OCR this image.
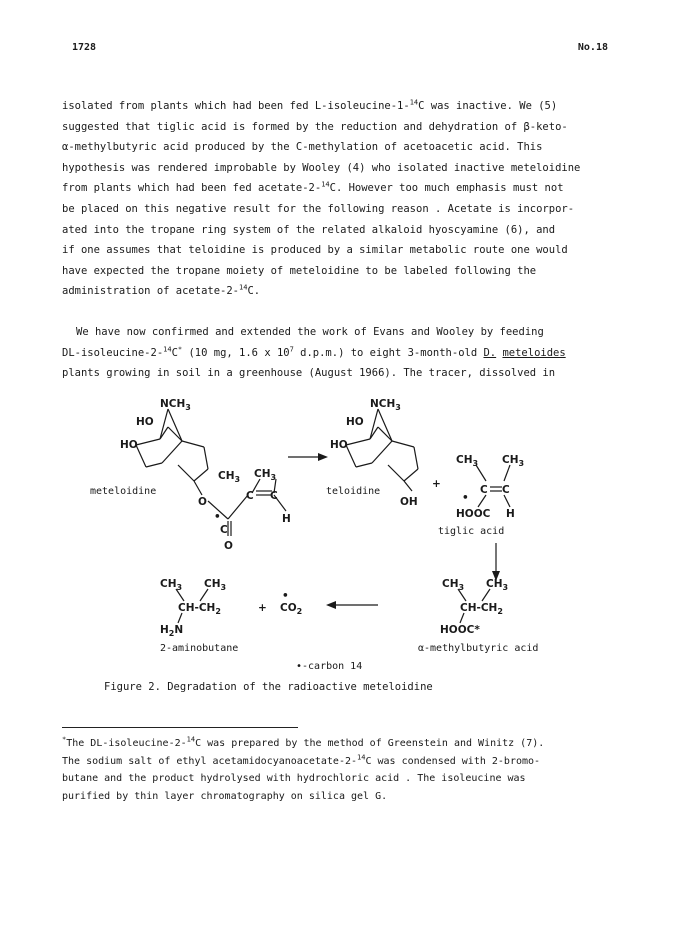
1728	No.18
isolated from plants which had been fed L-isoleucine-1-$^{14}$C was inactive. We (5)
suggested that tiglic acid is formed by the reduction and dehydration of β-keto-
α-methylbutyric acid produced by the C-methylation of acetoacetic acid. This
hypothesis was rendered improbable by Wooley (4) who isolated inactive meteloidine
from plants which had been fed acetate-2-$^{14}$C. However too much emphasis must not
be placed on this negative result for the following reason . Acetate is incorpor-
ated into the tropane ring system of the related alkaloid hyoscyamine (6), and
if one assumes that teloidine is produced by a similar metabolic route one would
have expected the tropane moiety of meteloidine to be labeled following the
administration of acetate-2-$^{14}$C.
We have now confirmed and extended the work of Evans and Wooley by feeding
DL-isoleucine-2-$^{14}$C* (10 mg, 1.6 x $10^7$ d.p.m.) to eight 3-month-old D. meteloides
plants growing in soil in a greenhouse (August 1966). The tracer, dissolved in
$NCH_3$
HO
HO
O
C
•
O
C C
$CH_3$ $CH_3$
H
meteloidine
$NCH_3$
HO
HO
OH
teloidine
+
$CH_3$ $CH_3$
C C
•
HOOC H
tiglic acid
$CH_3$ $CH_3$
$CH-CH_2$
HOOC*
α-methylbutyric acid
$CH_3$ $CH_3$
$CH-CH_2$
$H_2N$
2-aminobutane
+
•
$CO_2$
•-carbon 14
Figure 2. Degradation of the radioactive meteloidine
*The DL-isoleucine-2-$^{14}$C was prepared by the method of Greenstein and Winitz (7).
The sodium salt of ethyl acetamidocyanoacetate-2-$^{14}$C was condensed with 2-bromo-
butane and the product hydrolysed with hydrochloric acid . The isoleucine was
purified by thin layer chromatography on silica gel G.
